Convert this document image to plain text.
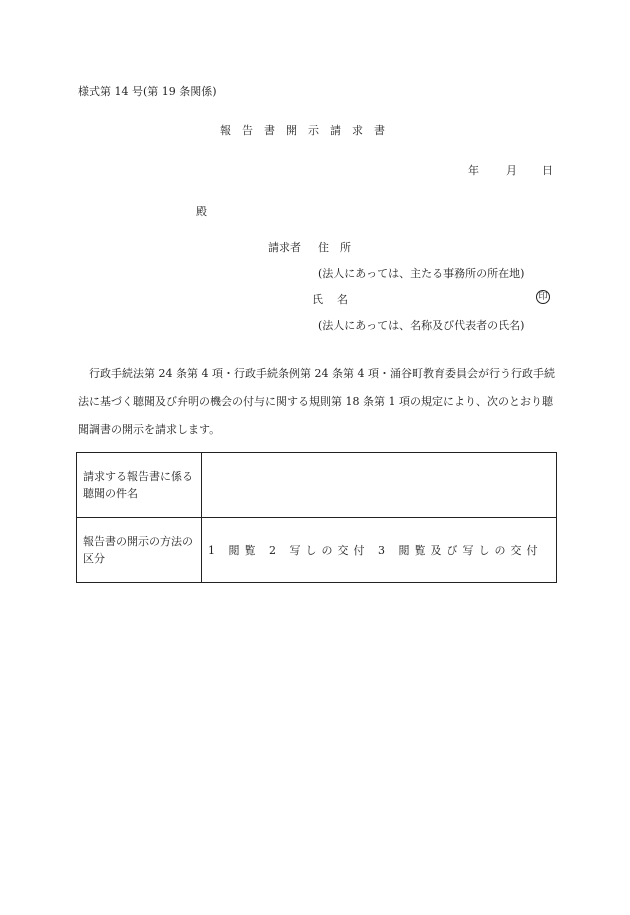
様式第 14 号(第 19 条関係)
報告書開示請求書
年 月 日
殿
請求者 住　所
(法人にあっては、主たる事務所の所在地)
氏名	印
(法人にあっては、名称及び代表者の氏名)
行政手続法第 24 条第 4 項・行政手続条例第 24 条第 4 項・涌谷町教育委員会が行う行政手続法に基づく聴聞及び弁明の機会の付与に関する規則第 18 条第 1 項の規定により、次のとおり聴聞調書の開示を請求します。
請求する報告書に係る聴聞の件名	
報告書の開示の方法の区分	1 閲覧 2 写しの交付 3 閲覧及び写しの交付
